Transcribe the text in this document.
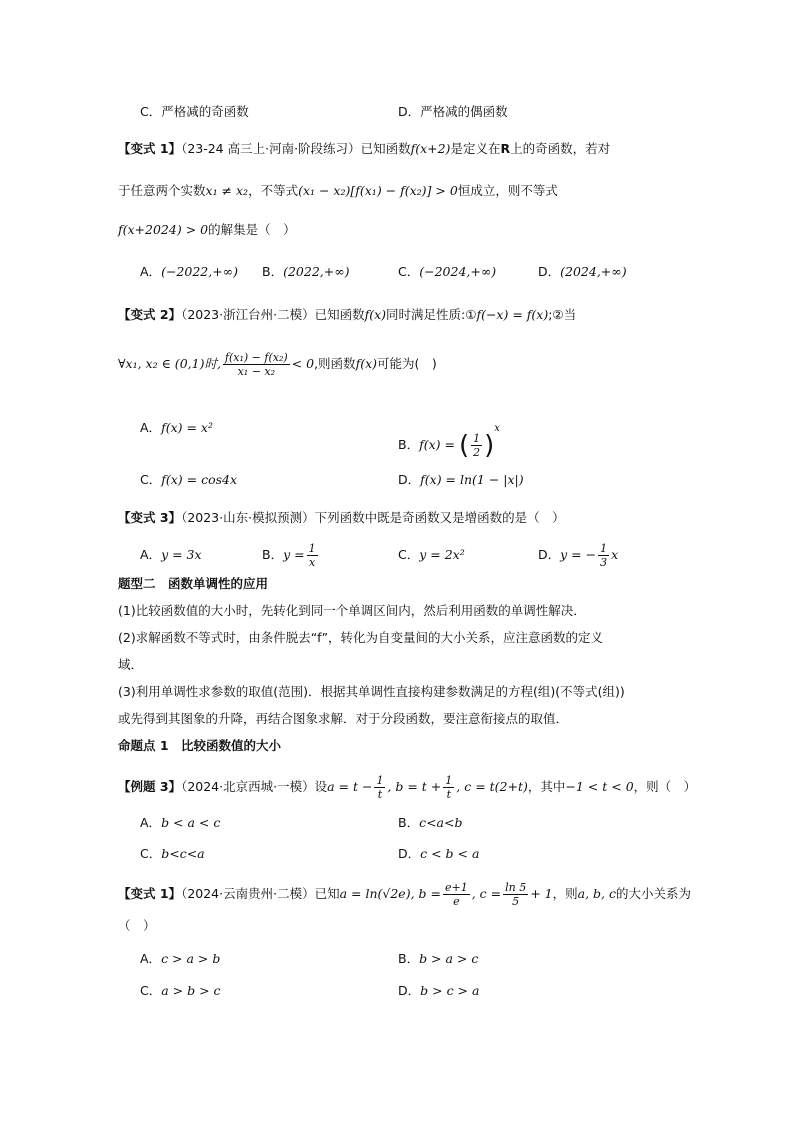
C．严格减的奇函数	D．严格减的偶函数
【变式 1】（23-24 高三上·河南·阶段练习）已知函数f(x+2)是定义在R上的奇函数，若对
于任意两个实数x₁ ≠ x₂，不等式(x₁ − x₂)[f(x₁) − f(x₂)] > 0恒成立，则不等式
f(x+2024) > 0的解集是（　）
A．(−2022,+∞) B．(2022,+∞)	C．(−2024,+∞)	D．(2024,+∞)
【变式 2】（2023·浙江台州·二模）已知函数f(x)同时满足性质:①f(−x) = f(x);②当
∀x₁, x₂ ∈ (0,1)时, $\frac{\text{f(x₁) − f(x₂)}}{\text{x₁ − x₂}} < 0$,则函数f(x)可能为(　)
A．f(x) = x²
B．f(x) = ( $\frac{1}{2} )^x$
C．f(x) = cos4x	D．f(x) = ln(1 − |x|)
【变式 3】（2023·山东·模拟预测）下列函数中既是奇函数又是增函数的是（　）
A．y = 3x	B．$y = \frac{1}{x}$	C．y = 2x²	D．y = − $\frac{1}{3}$ x
题型二　函数单调性的应用
(1)比较函数值的大小时，先转化到同一个单调区间内，然后利用函数的单调性解决．
(2)求解函数不等式时，由条件脱去“f”，转化为自变量间的大小关系，应注意函数的定义
域．
(3)利用单调性求参数的取值(范围)．根据其单调性直接构建参数满足的方程(组)(不等式(组))
或先得到其图象的升降，再结合图象求解．对于分段函数，要注意衔接点的取值．
命题点 1　比较函数值的大小
【例题 3】（2024·北京西城·一模）设$a = t - \frac{1}{t}$ , $b = t + \frac{1}{t}$ , c = t(2+t)，其中−1 < t < 0，则（　）
A．b < a < c	B．c<a<b
C．b<c<a	D．c < b < a
【变式 1】（2024·云南贵州·二模）已知a = ln(√2e), $b = \frac{e+1}{e}$ , $c = \frac{\ln 5}{5} + 1$，则a, b, c的大小关系为
（　）
A．c > a > b	B．b > a > c
C．a > b > c	D．b > c > a
